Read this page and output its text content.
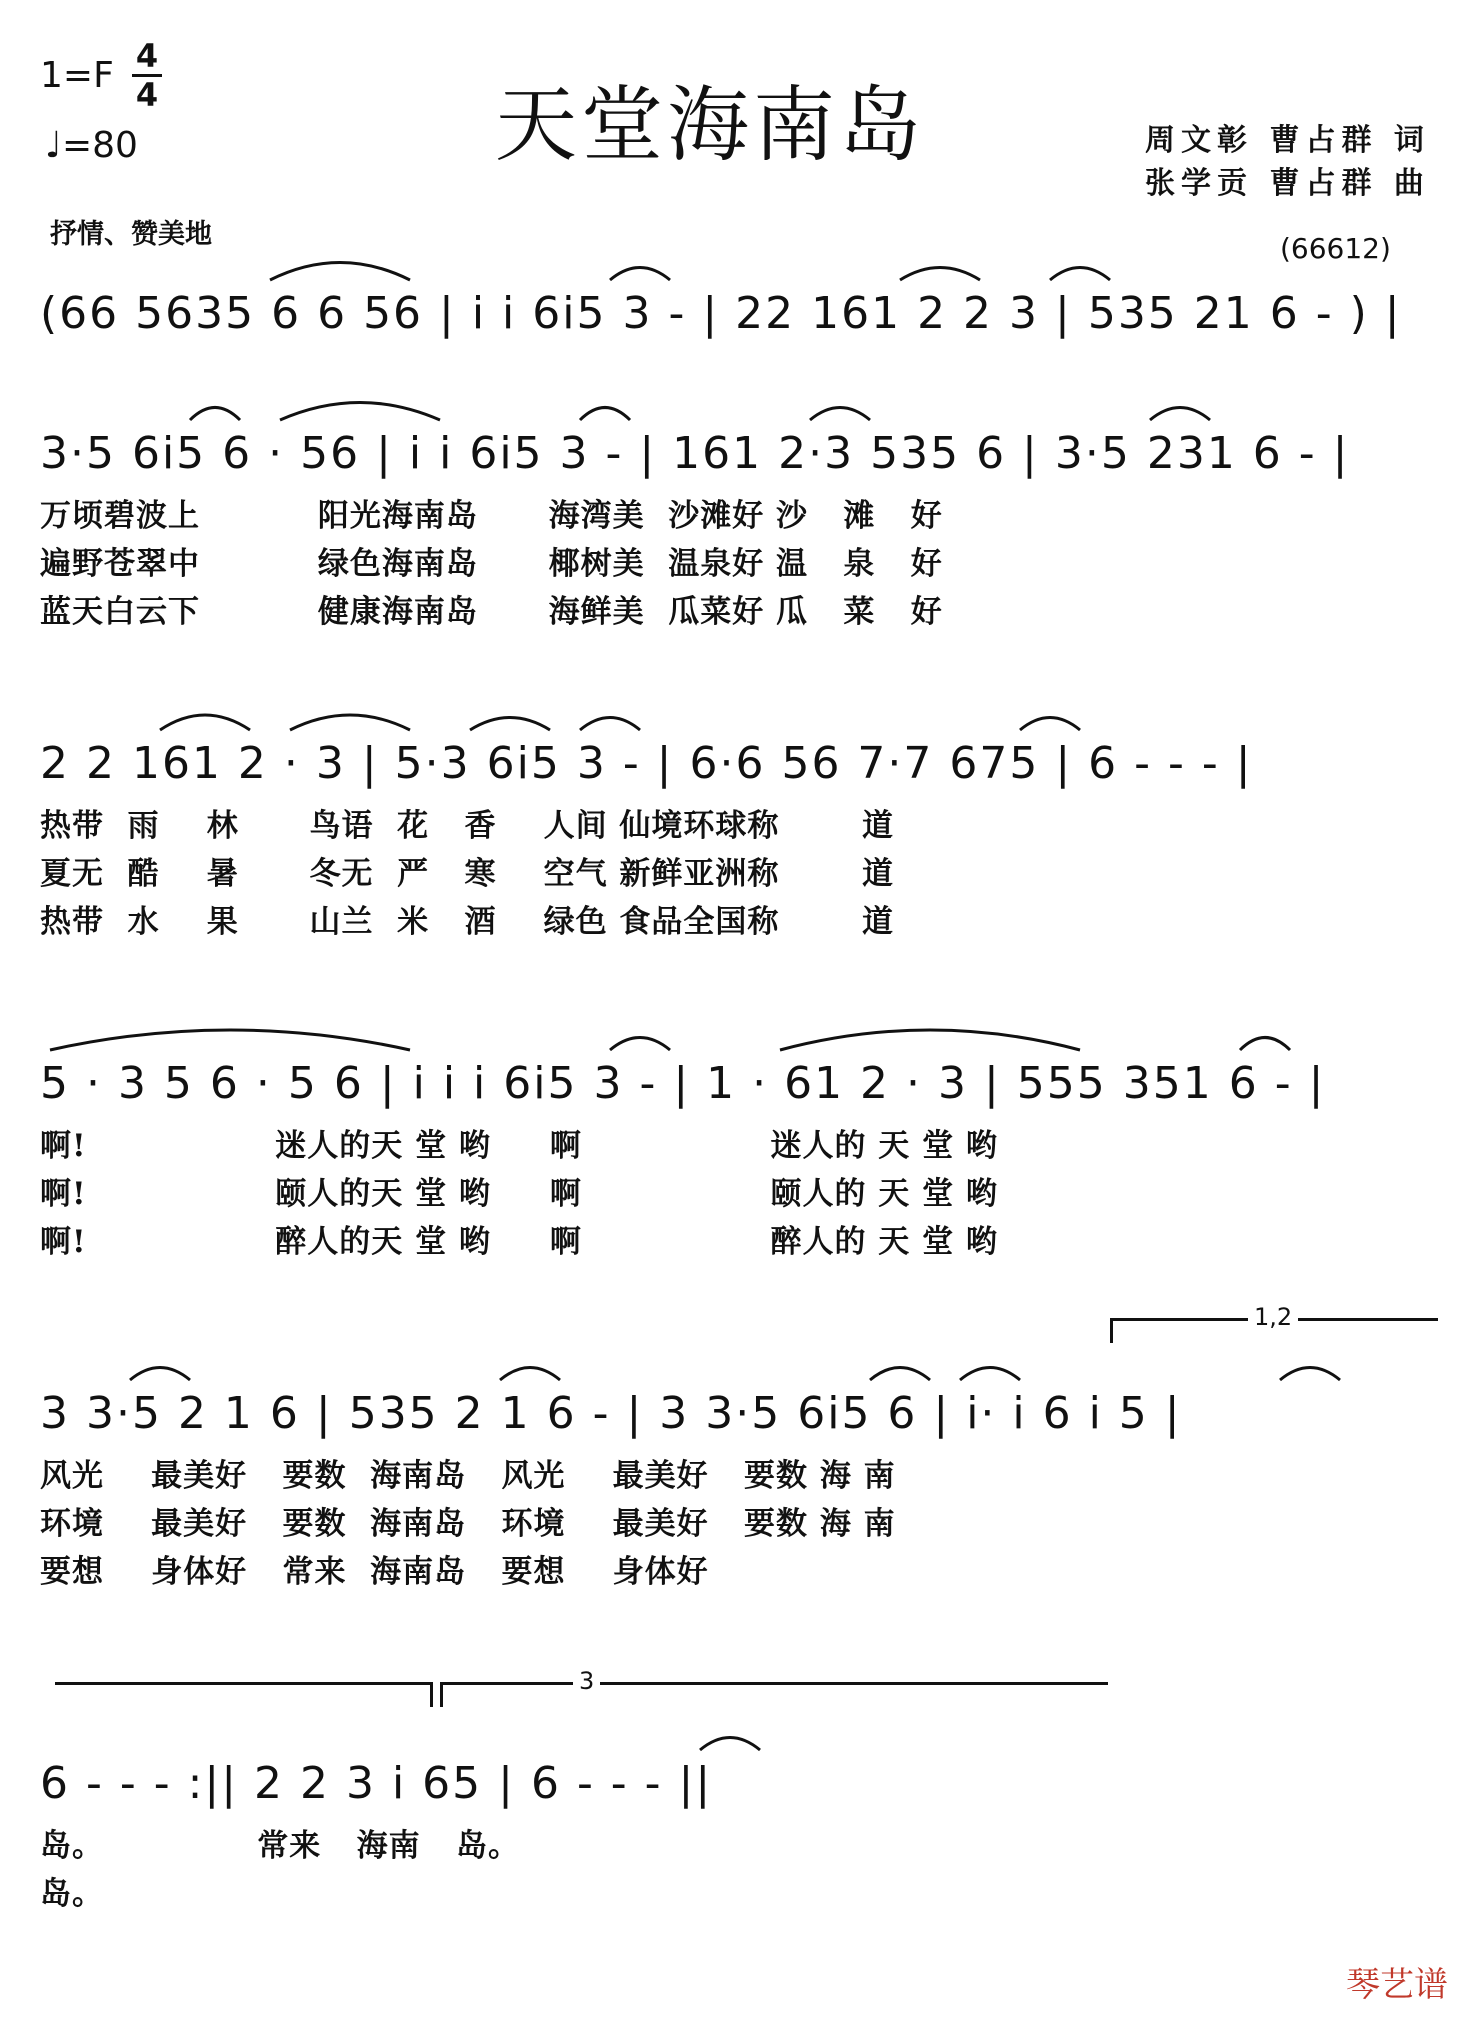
1=F 4
4
♩=80	天堂海南岛	周文彰 曹占群 词
张学贡 曹占群 曲
抒情、赞美地	(66612)
(66 5635 6 6 56 | i i 6i5 3 - | 22 161 2 2 3 | 535 21 6 - ) |
3·5 6i5 6 · 56 | i i 6i5 3 - | 161 2·3 535 6 | 3·5 231 6 - |
万顷碧波上          阳光海南岛      海湾美  沙滩好 沙   滩   好
遍野苍翠中          绿色海南岛      椰树美  温泉好 温   泉   好
蓝天白云下          健康海南岛      海鲜美  瓜菜好 瓜   菜   好
2 2 161 2 · 3 | 5·3 6i5 3 - | 6·6 56 7·7 675 | 6 - - - |
热带  雨    林      鸟语  花   香    人间 仙境环球称       道
夏无  酷    暑      冬无  严   寒    空气 新鲜亚洲称       道
热带  水    果      山兰  米   酒    绿色 食品全国称       道
5 · 3 5 6 · 5 6 | i i i 6i5 3 - | 1 · 61 2 · 3 | 555 351 6 - |
啊!                迷人的天 堂 哟     啊                迷人的 天 堂 哟
啊!                颐人的天 堂 哟     啊                颐人的 天 堂 哟
啊!                醉人的天 堂 哟     啊                醉人的 天 堂 哟
1,2
3 3·5 2 1 6 | 535 2 1 6 - | 3 3·5 6i5 6 | i· i 6 i 5 |
风光    最美好   要数  海南岛   风光    最美好   要数 海 南
环境    最美好   要数  海南岛   环境    最美好   要数 海 南
要想    身体好   常来  海南岛   要想    身体好
3
6 - - - :|| 2 2 3 i 65 | 6 - - - ||
岛。             常来   海南   岛。
岛。
琴艺谱
